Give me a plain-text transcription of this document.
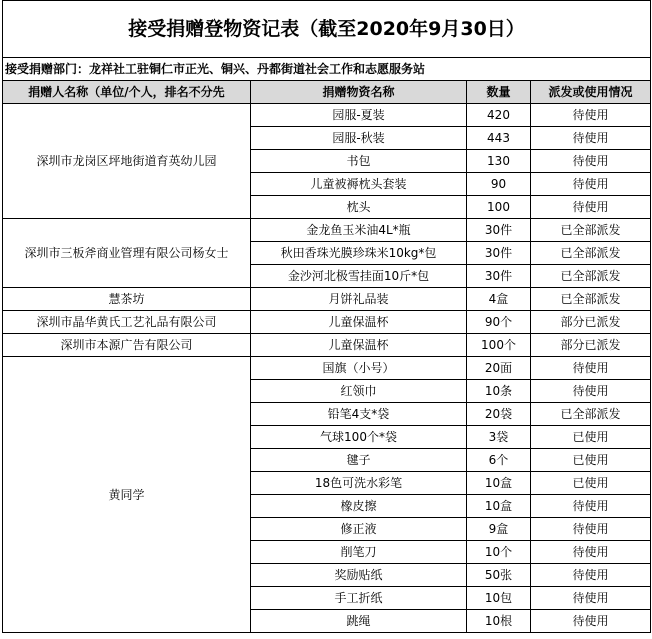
接受捐赠登物资记表（截至2020年9月30日）			
接受捐赠部门：龙祥社工驻铜仁市正光、铜兴、丹都街道社会工作和志愿服务站			
捐赠人名称（单位/个人，排名不分先	捐赠物资名称	数量	派发或使用情况
深圳市龙岗区坪地街道育英幼儿园	园服-夏装	420	待使用
	园服-秋装	443	待使用
	书包	130	待使用
	儿童被褥枕头套装	90	待使用
	枕头	100	待使用
深圳市三板斧商业管理有限公司杨女士	金龙鱼玉米油4L*瓶	30件	已全部派发
	秋田香珠光膜珍珠米10kg*包	30件	已全部派发
	金沙河北极雪挂面10斤*包	30件	已全部派发
慧茶坊	月饼礼品装	4盒	已全部派发
深圳市晶华黄氏工艺礼品有限公司	儿童保温杯	90个	部分已派发
深圳市本源广告有限公司	儿童保温杯	100个	部分已派发
黄同学	国旗（小号）	20面	待使用
	红领巾	10条	待使用
	铅笔4支*袋	20袋	已全部派发
	气球100个*袋	3袋	已使用
	毽子	6个	已使用
	18色可洗水彩笔	10盒	已使用
	橡皮擦	10盒	待使用
	修正液	9盒	待使用
	削笔刀	10个	待使用
	奖励贴纸	50张	待使用
	手工折纸	10包	待使用
	跳绳	10根	待使用
